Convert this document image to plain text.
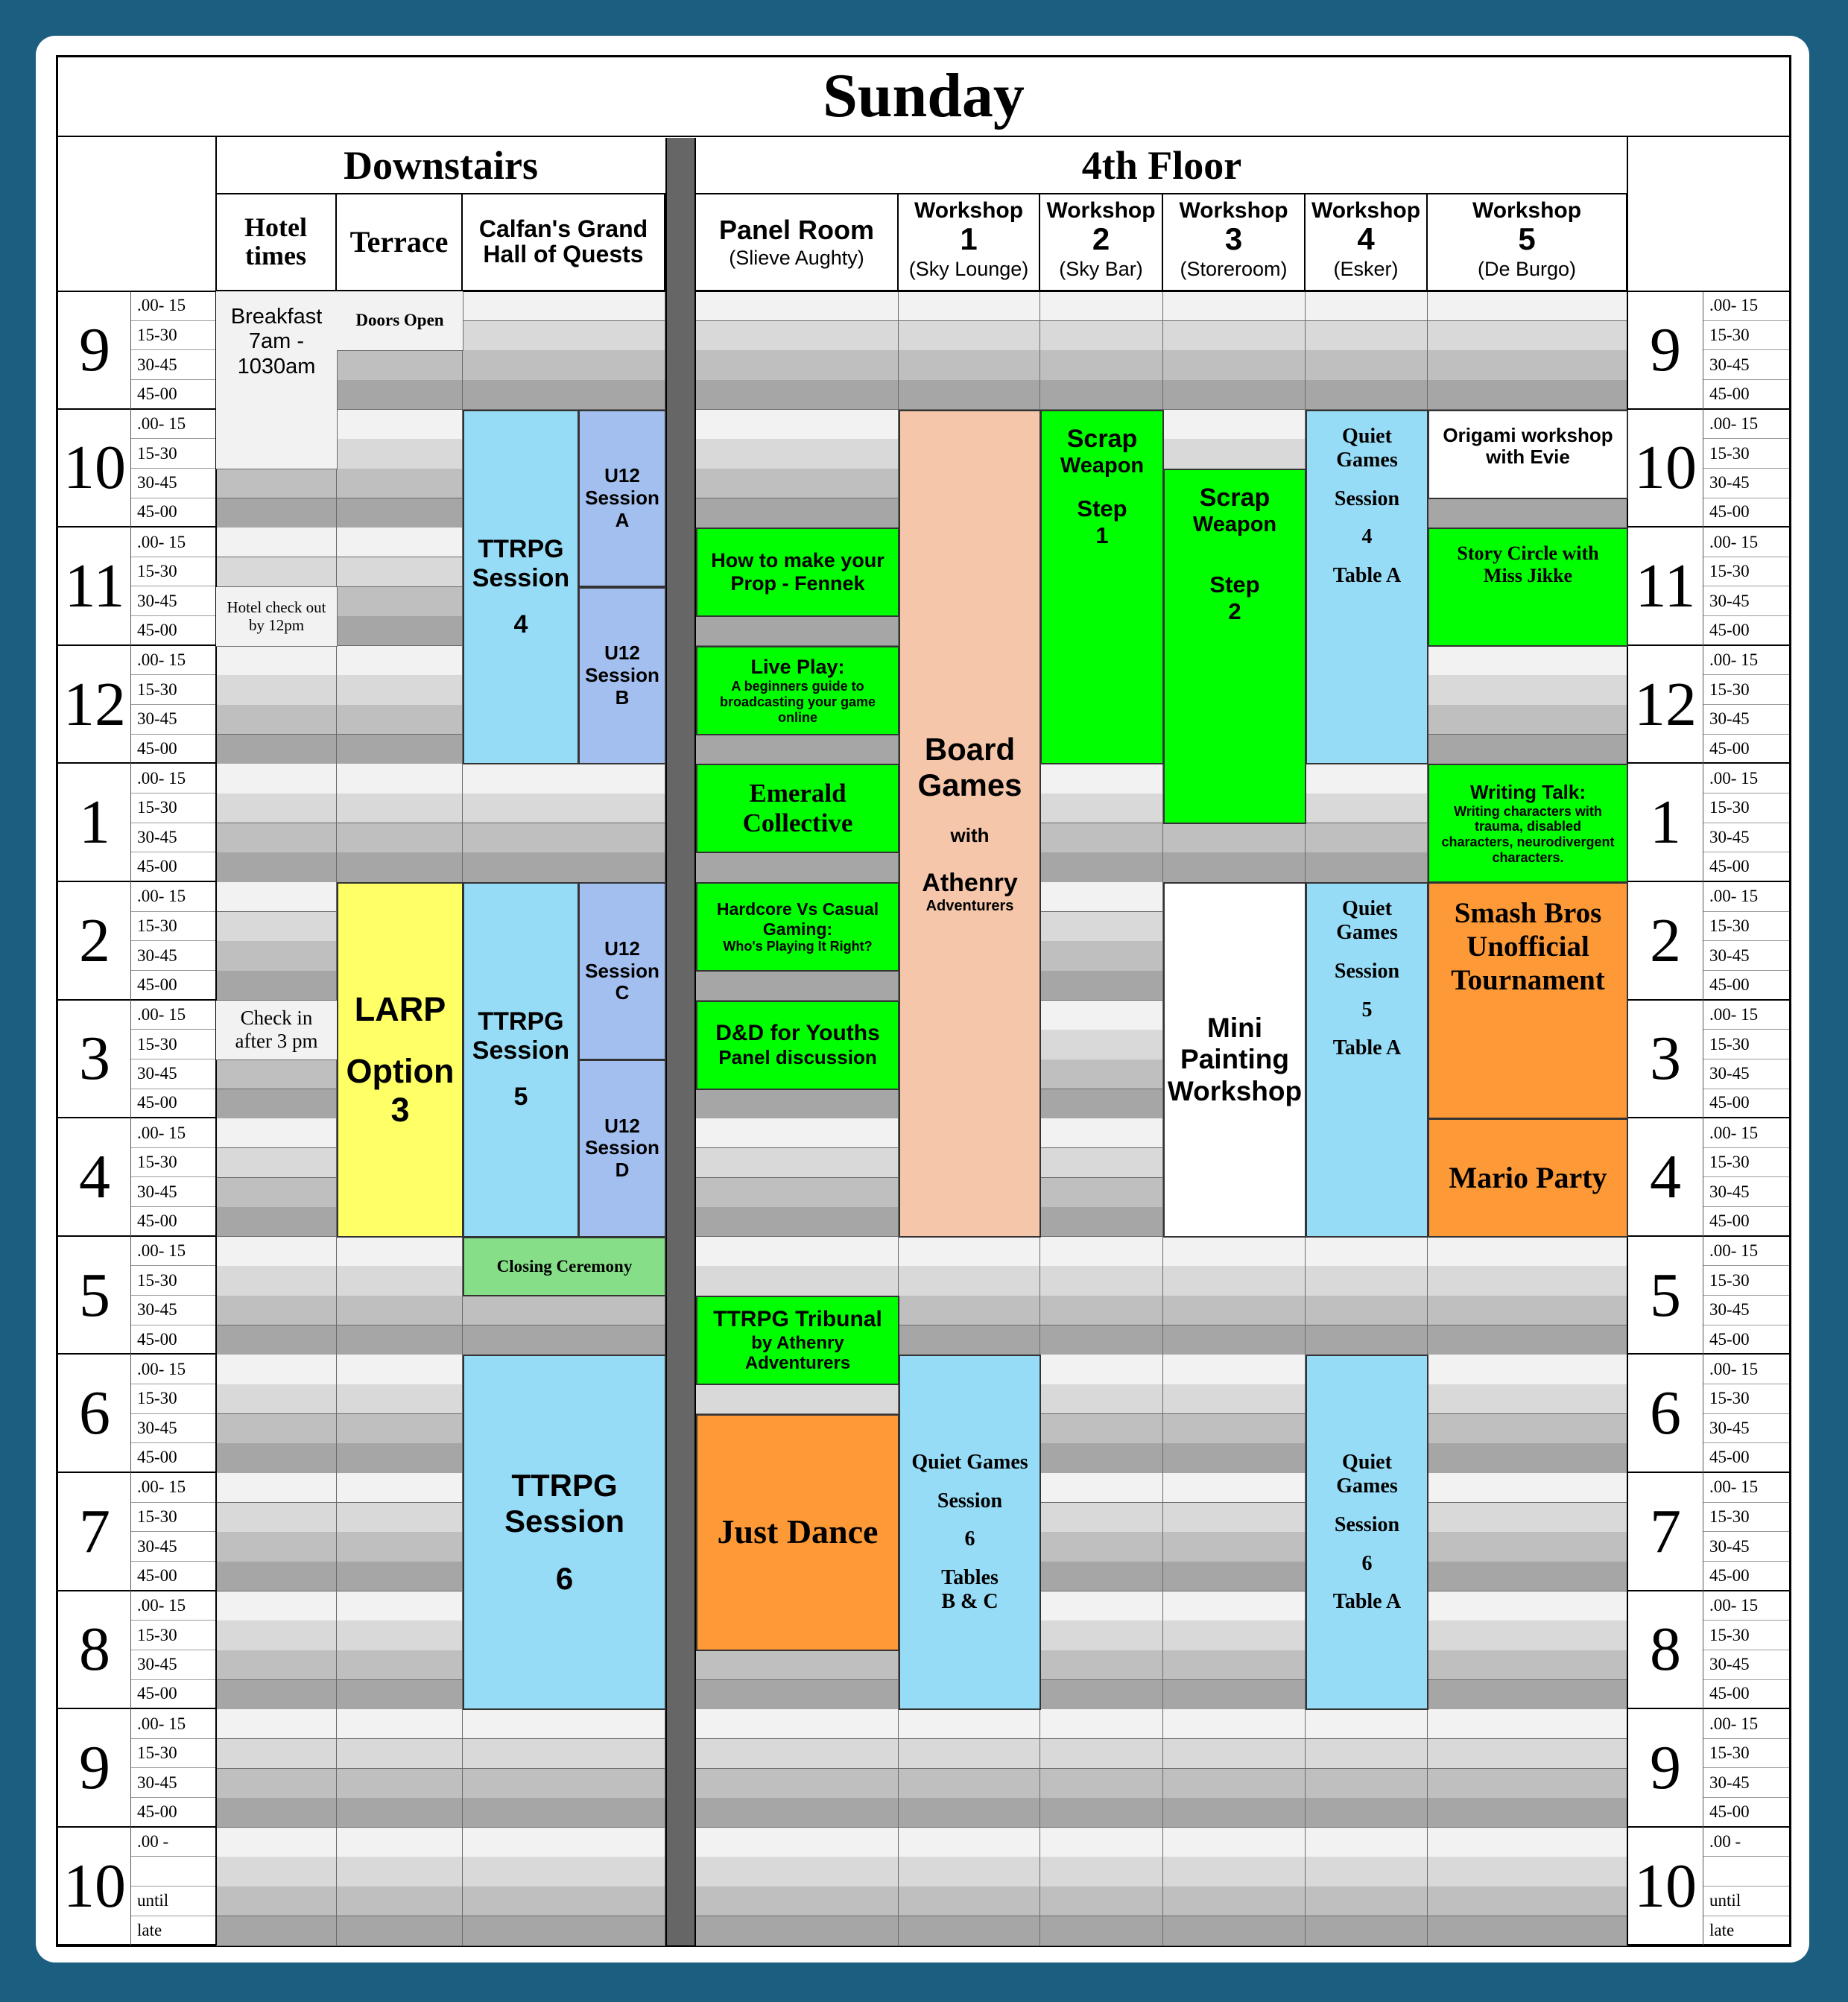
Hotel
times Terrace Calfan's Grand
Hall of Quests
Panel Room
(Slieve Aughty)
Workshop
1
(Sky Lounge)
Workshop
2
(Sky Bar)
Workshop
3
(Storeroom)
Workshop
4
(Esker)
Workshop
5
(De Burgo)
9
.00- 15
15-30
30-45
45-00
9
.00- 15
15-30
30-45
45-00
10
.00- 15
15-30
30-45
45-00
10
.00- 15
15-30
30-45
45-00
11
.00- 15
15-30
30-45
45-00
11
.00- 15
15-30
30-45
45-00
12
.00- 15
15-30
30-45
45-00
12
.00- 15
15-30
30-45
45-00
1
.00- 15
15-30
30-45
45-00
1
.00- 15
15-30
30-45
45-00
2
.00- 15
15-30
30-45
45-00
2
.00- 15
15-30
30-45
45-00
3
.00- 15
15-30
30-45
45-00
3
.00- 15
15-30
30-45
45-00
4
.00- 15
15-30
30-45
45-00
4
.00- 15
15-30
30-45
45-00
5
.00- 15
15-30
30-45
45-00
5
.00- 15
15-30
30-45
45-00
6
.00- 15
15-30
30-45
45-00
6
.00- 15
15-30
30-45
45-00
7
.00- 15
15-30
30-45
45-00
7
.00- 15
15-30
30-45
45-00
8
.00- 15
15-30
30-45
45-00
8
.00- 15
15-30
30-45
45-00
9
.00- 15
15-30
30-45
45-00
9
.00- 15
15-30
30-45
45-00
10
.00 -
until
late
10
.00 -
until
late
Breakfast
7am -
1030am
Hotel check out
by 12pm
Check in
after 3 pm
Doors Open
LARP

Option
3
TTRPG
Session

4
U12
Session
A
U12
Session
B
TTRPG
Session

5
U12
Session
C
U12
Session
D
Closing Ceremony
TTRPG
Session

6
How to make your
Prop - Fennek
Live Play:
A beginners guide to
broadcasting your game
online
Emerald
Collective
Hardcore Vs Casual
Gaming:
Who's Playing It Right?
D&D for Youths
Panel discussion
TTRPG Tribunal
by Athenry
Adventurers
Just Dance
Board
Games

with

Athenry
Adventurers
Quiet Games

Session

6

Tables
B & C
Scrap
Weapon

Step
1
Scrap
Weapon

Step
2
Mini
Painting
Workshop
Quiet
Games

Session

4

Table A
Quiet
Games

Session

5

Table A
Quiet
Games

Session

6

Table A
Origami workshop
with Evie
Story Circle with
Miss Jikke
Writing Talk:
Writing characters with
trauma, disabled
characters, neurodivergent
characters.
Smash Bros
Unofficial
Tournament
Mario Party
Sunday
Downstairs	4th Floor
